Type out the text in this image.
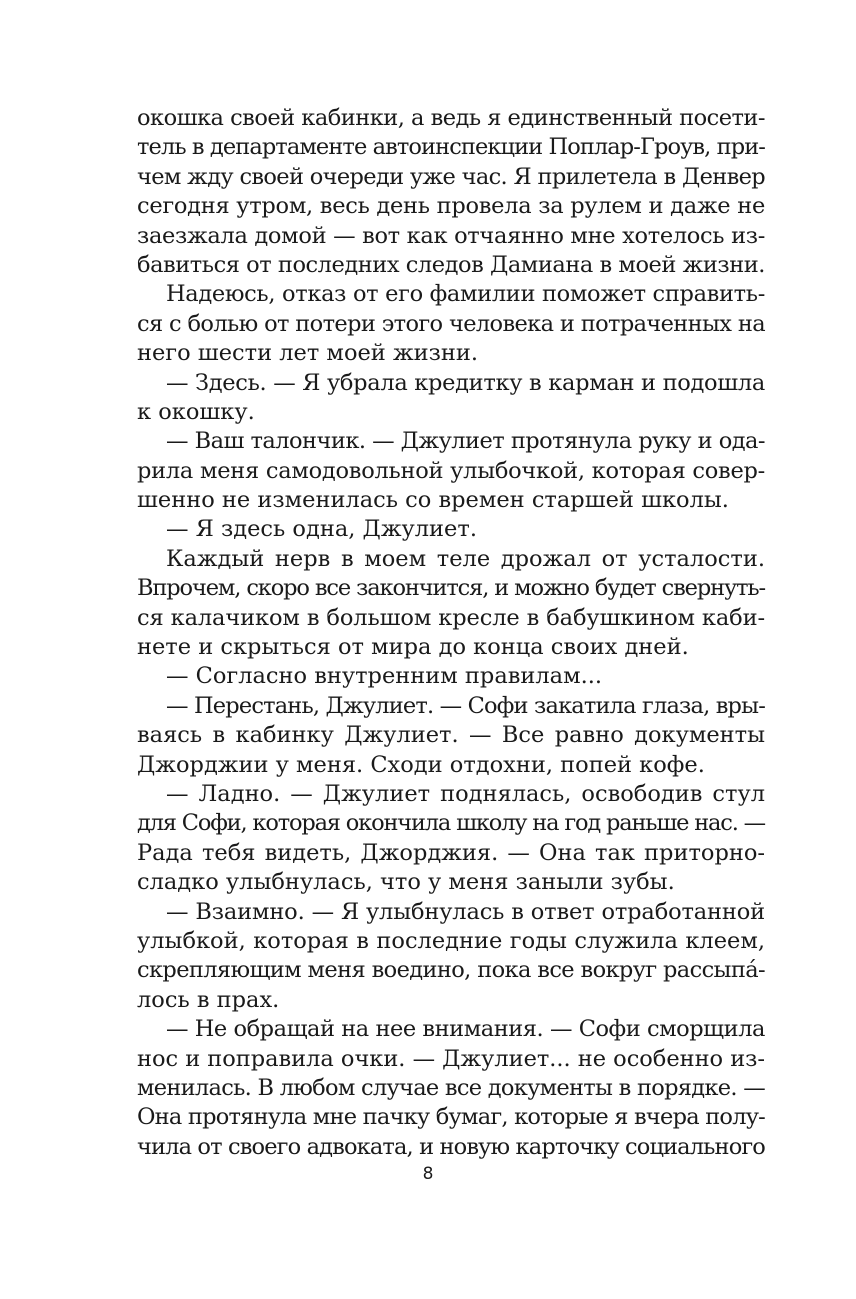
окошка своей кабинки, а ведь я единственный посети-
тель в департаменте автоинспекции Поплар-Гроув, при-
чем жду своей очереди уже час. Я прилетела в Денвер
сегодня утром, весь день провела за рулем и даже не
заезжала домой — вот как отчаянно мне хотелось из-
бавиться от последних следов Дамиана в моей жизни.
Надеюсь, отказ от его фамилии поможет справить-
ся с болью от потери этого человека и потраченных на
него шести лет моей жизни.
— Здесь. — Я убрала кредитку в карман и подошла
к окошку.
— Ваш талончик. — Джулиет протянула руку и ода-
рила меня самодовольной улыбочкой, которая совер-
шенно не изменилась со времен старшей школы.
— Я здесь одна, Джулиет.
Каждый нерв в моем теле дрожал от усталости.
Впрочем, скоро все закончится, и можно будет свернуть-
ся калачиком в большом кресле в бабушкином каби-
нете и скрыться от мира до конца своих дней.
— Согласно внутренним правилам...
— Перестань, Джулиет. — Софи закатила глаза, вры-
ваясь в кабинку Джулиет. — Все равно документы
Джорджии у меня. Сходи отдохни, попей кофе.
— Ладно. — Джулиет поднялась, освободив стул
для Софи, которая окончила школу на год раньше нас. —
Рада тебя видеть, Джорджия. — Она так приторно-
сладко улыбнулась, что у меня заныли зубы.
— Взаимно. — Я улыбнулась в ответ отработанной
улыбкой, которая в последние годы служила клеем,
скрепляющим меня воедино, пока все вокруг рассыпá-
лось в прах.
— Не обращай на нее внимания. — Софи сморщила
нос и поправила очки. — Джулиет... не особенно из-
менилась. В любом случае все документы в порядке. —
Она протянула мне пачку бумаг, которые я вчера полу-
чила от своего адвоката, и новую карточку социального
8
